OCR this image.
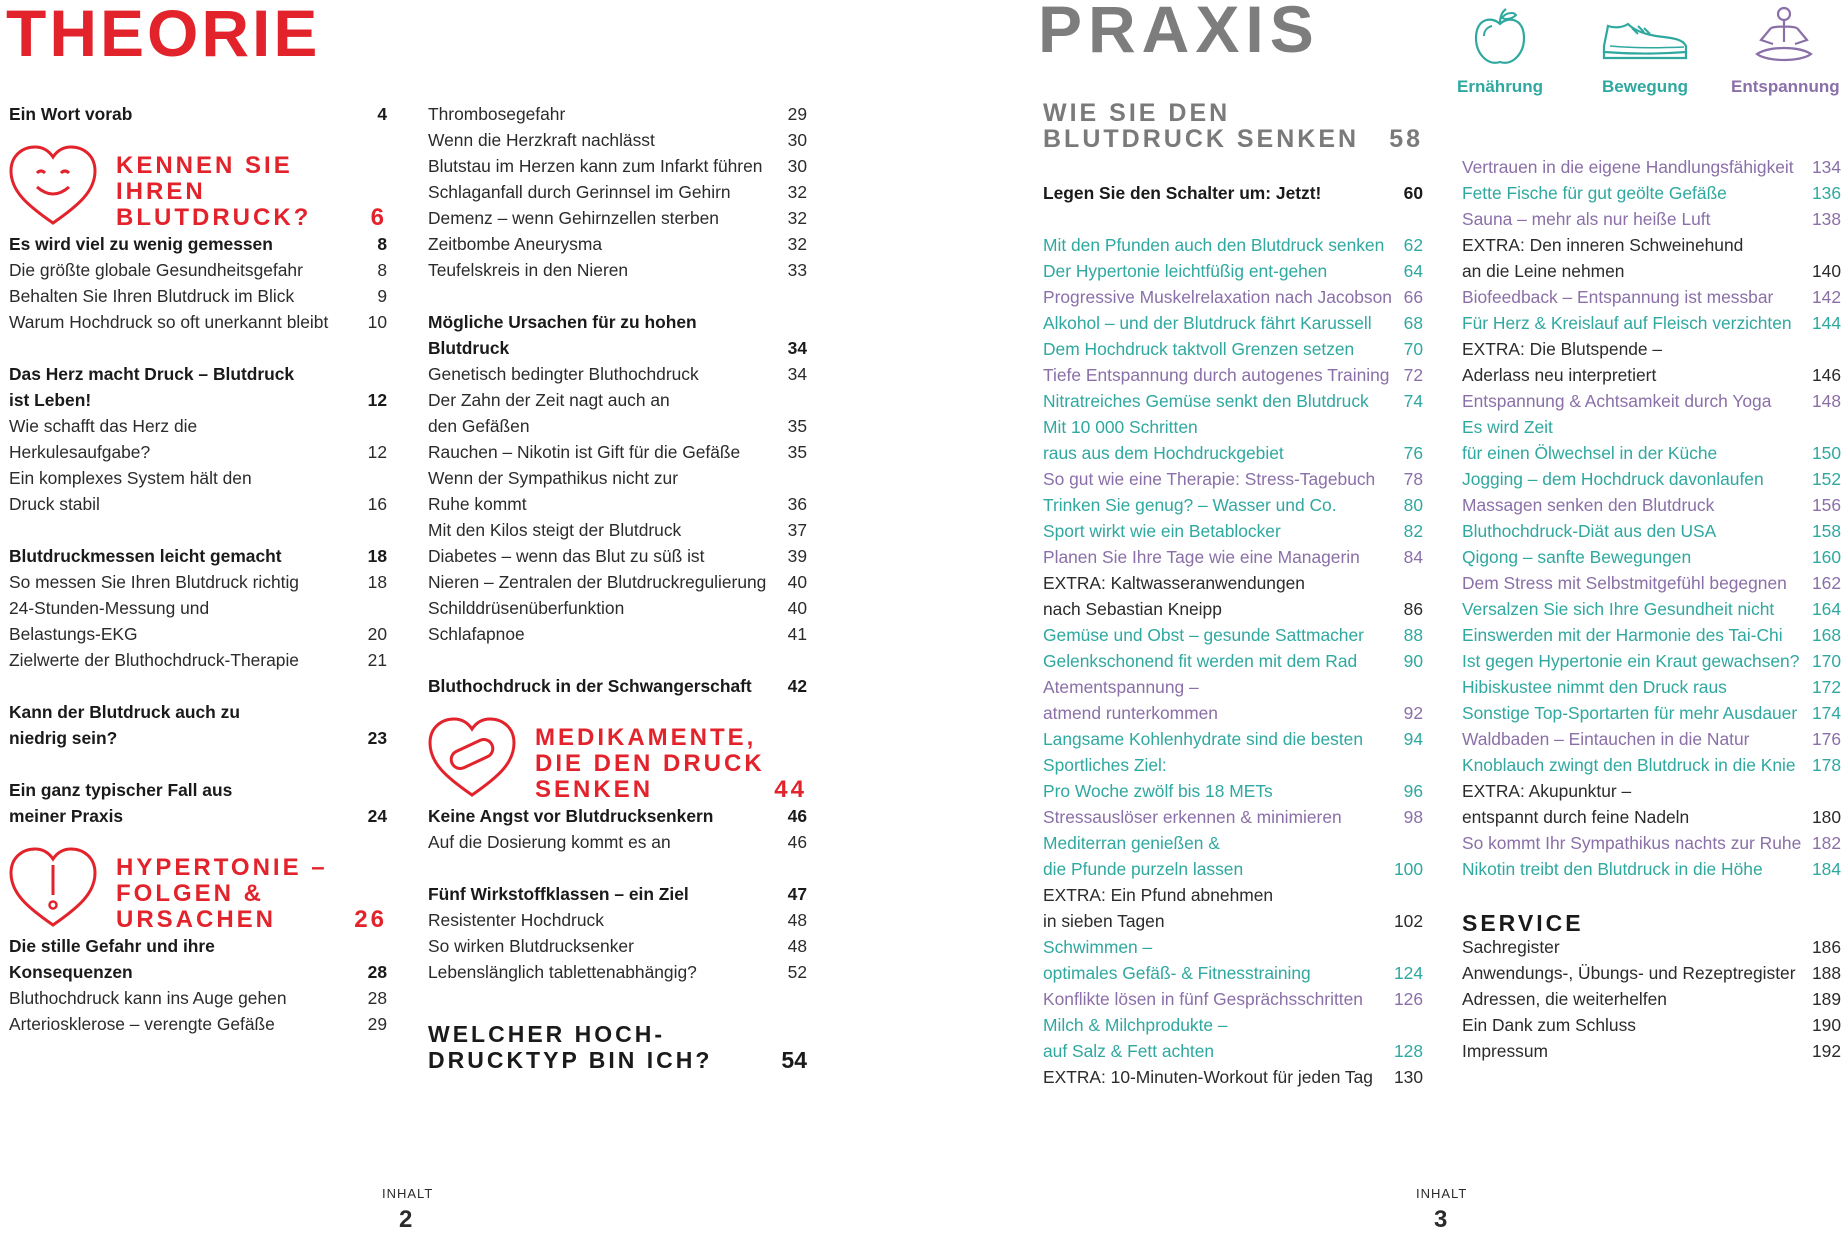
THEORIE
Ein Wort vorab	4
KENNEN SIE
IHREN
BLUTDRUCK? 6
Es wird viel zu wenig gemessen	8
Die größte globale Gesundheitsgefahr	8
Behalten Sie Ihren Blutdruck im Blick	9
Warum Hochdruck so oft unerkannt bleibt 10
Das Herz macht Druck – Blutdruck
ist Leben!	12
Wie schafft das Herz die
Herkulesaufgabe?	12
Ein komplexes System hält den
Druck stabil	16
Blutdruckmessen leicht gemacht	18
So messen Sie Ihren Blutdruck richtig	18
24-Stunden-Messung und
Belastungs-EKG	20
Zielwerte der Bluthochdruck-Therapie	21
Kann der Blutdruck auch zu
niedrig sein?	23
Ein ganz typischer Fall aus
meiner Praxis	24
HYPERTONIE –
FOLGEN &
URSACHEN	26
Die stille Gefahr und ihre
Konsequenzen	28
Bluthochdruck kann ins Auge gehen	28
Arteriosklerose – verengte Gefäße	29
Thrombosegefahr	29
Wenn die Herzkraft nachlässt	30
Blutstau im Herzen kann zum Infarkt führen 30
Schlaganfall durch Gerinnsel im Gehirn	32
Demenz – wenn Gehirnzellen sterben	32
Zeitbombe Aneurysma	32
Teufelskreis in den Nieren	33
Mögliche Ursachen für zu hohen
Blutdruck	34
Genetisch bedingter Bluthochdruck	34
Der Zahn der Zeit nagt auch an
den Gefäßen	35
Rauchen – Nikotin ist Gift für die Gefäße	35
Wenn der Sympathikus nicht zur
Ruhe kommt	36
Mit den Kilos steigt der Blutdruck	37
Diabetes – wenn das Blut zu süß ist	39
Nieren – Zentralen der Blutdruckregulierung 40
Schilddrüsenüberfunktion	40
Schlafapnoe	41
Bluthochdruck in der Schwangerschaft 42
MEDIKAMENTE,
DIE DEN DRUCK
SENKEN	44
Keine Angst vor Blutdrucksenkern	46
Auf die Dosierung kommt es an	46
Fünf Wirkstoffklassen – ein Ziel	47
Resistenter Hochdruck	48
So wirken Blutdrucksenker	48
Lebenslänglich tablettenabhängig?	52
WELCHER HOCH-
DRUCKTYP BIN ICH?	54
INHALT
2
PRAXIS
Ernährung	Bewegung	Entspannung
WIE SIE DEN
BLUTDRUCK SENKEN	58
Legen Sie den Schalter um: Jetzt!	60
Mit den Pfunden auch den Blutdruck senken 62
Der Hypertonie leichtfüßig ent-gehen	64
Progressive Muskelrelaxation nach Jacobson 66
Alkohol – und der Blutdruck fährt Karussell 68
Dem Hochdruck taktvoll Grenzen setzen	70
Tiefe Entspannung durch autogenes Training 72
Nitratreiches Gemüse senkt den Blutdruck 74
Mit 10 000 Schritten
raus aus dem Hochdruckgebiet	76
So gut wie eine Therapie: Stress-Tagebuch 78
Trinken Sie genug? – Wasser und Co.	80
Sport wirkt wie ein Betablocker	82
Planen Sie Ihre Tage wie eine Managerin	84
EXTRA: Kaltwasseranwendungen
nach Sebastian Kneipp	86
Gemüse und Obst – gesunde Sattmacher 88
Gelenkschonend fit werden mit dem Rad	90
Atementspannung –
atmend runterkommen	92
Langsame Kohlenhydrate sind die besten 94
Sportliches Ziel:
Pro Woche zwölf bis 18 METs	96
Stressauslöser erkennen & minimieren	98
Mediterran genießen &
die Pfunde purzeln lassen	100
EXTRA: Ein Pfund abnehmen
in sieben Tagen	102
Schwimmen –
optimales Gefäß- & Fitnesstraining	124
Konflikte lösen in fünf Gesprächsschritten 126
Milch & Milchprodukte –
auf Salz & Fett achten	128
EXTRA: 10-Minuten-Workout für jeden Tag 130
Vertrauen in die eigene Handlungsfähigkeit 134
Fette Fische für gut geölte Gefäße	136
Sauna – mehr als nur heiße Luft	138
EXTRA: Den inneren Schweinehund
an die Leine nehmen	140
Biofeedback – Entspannung ist messbar 142
Für Herz & Kreislauf auf Fleisch verzichten 144
EXTRA: Die Blutspende –
Aderlass neu interpretiert	146
Entspannung & Achtsamkeit durch Yoga 148
Es wird Zeit
für einen Ölwechsel in der Küche	150
Jogging – dem Hochdruck davonlaufen	152
Massagen senken den Blutdruck	156
Bluthochdruck-Diät aus den USA	158
Qigong – sanfte Bewegungen	160
Dem Stress mit Selbstmitgefühl begegnen 162
Versalzen Sie sich Ihre Gesundheit nicht 164
Einswerden mit der Harmonie des Tai-Chi 168
Ist gegen Hypertonie ein Kraut gewachsen? 170
Hibiskustee nimmt den Druck raus	172
Sonstige Top-Sportarten für mehr Ausdauer 174
Waldbaden – Eintauchen in die Natur	176
Knoblauch zwingt den Blutdruck in die Knie 178
EXTRA: Akupunktur –
entspannt durch feine Nadeln	180
So kommt Ihr Sympathikus nachts zur Ruhe 182
Nikotin treibt den Blutdruck in die Höhe	184
SERVICE
Sachregister	186
Anwendungs-, Übungs- und Rezeptregister 188
Adressen, die weiterhelfen	189
Ein Dank zum Schluss	190
Impressum	192
INHALT
3
